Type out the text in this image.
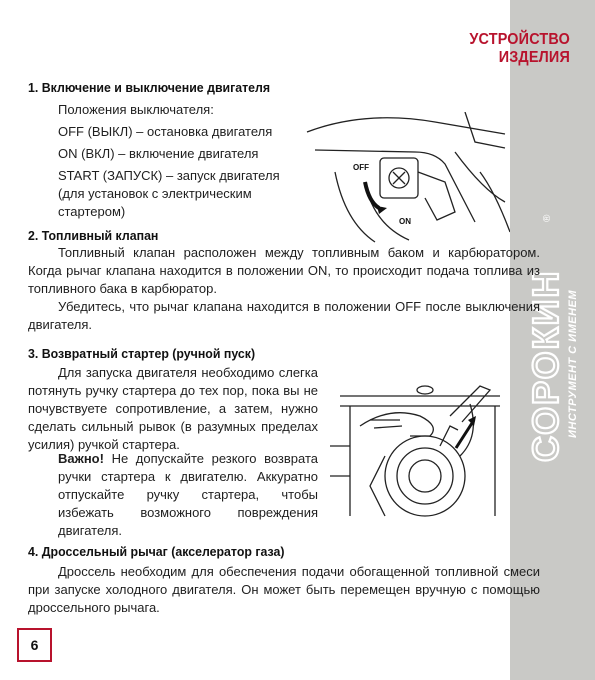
СОРОКИН ИНСТРУМЕНТ С ИМЕНЕМ
®
УСТРОЙСТВО ИЗДЕЛИЯ
1. Включение и выключение двигателя
Положения выключателя:
OFF (ВЫКЛ) – остановка двигателя
ON (ВКЛ) – включение двигателя
START (ЗАПУСК) – запуск двигателя (для установок с электрическим стартером)
OFF
ON
2. Топливный клапан
Топливный клапан расположен между топливным баком и карбюратором. Когда рычаг клапана находится в положении ON, то происходит подача топлива из топливного бака в карбюратор.
Убедитесь, что рычаг клапана находится в положении OFF после выключения двигателя.
3. Возвратный стартер (ручной пуск)
Для запуска двигателя необходимо слегка потянуть ручку стартера до тех пор, пока вы не почувствуете сопротивление, а затем, нужно сделать сильный рывок (в разумных пределах усилия) ручкой стартера.
Важно! Не допускайте резкого возврата ручки стартера к двигателю. Аккуратно отпускайте ручку стартера, чтобы избежать возможного повреждения двигателя.
4. Дроссельный рычаг (акселератор газа)
Дроссель необходим для обеспечения подачи обогащенной топливной смеси при запуске холодного двигателя. Он может быть перемещен вручную с помощью дроссельного рычага.
6
